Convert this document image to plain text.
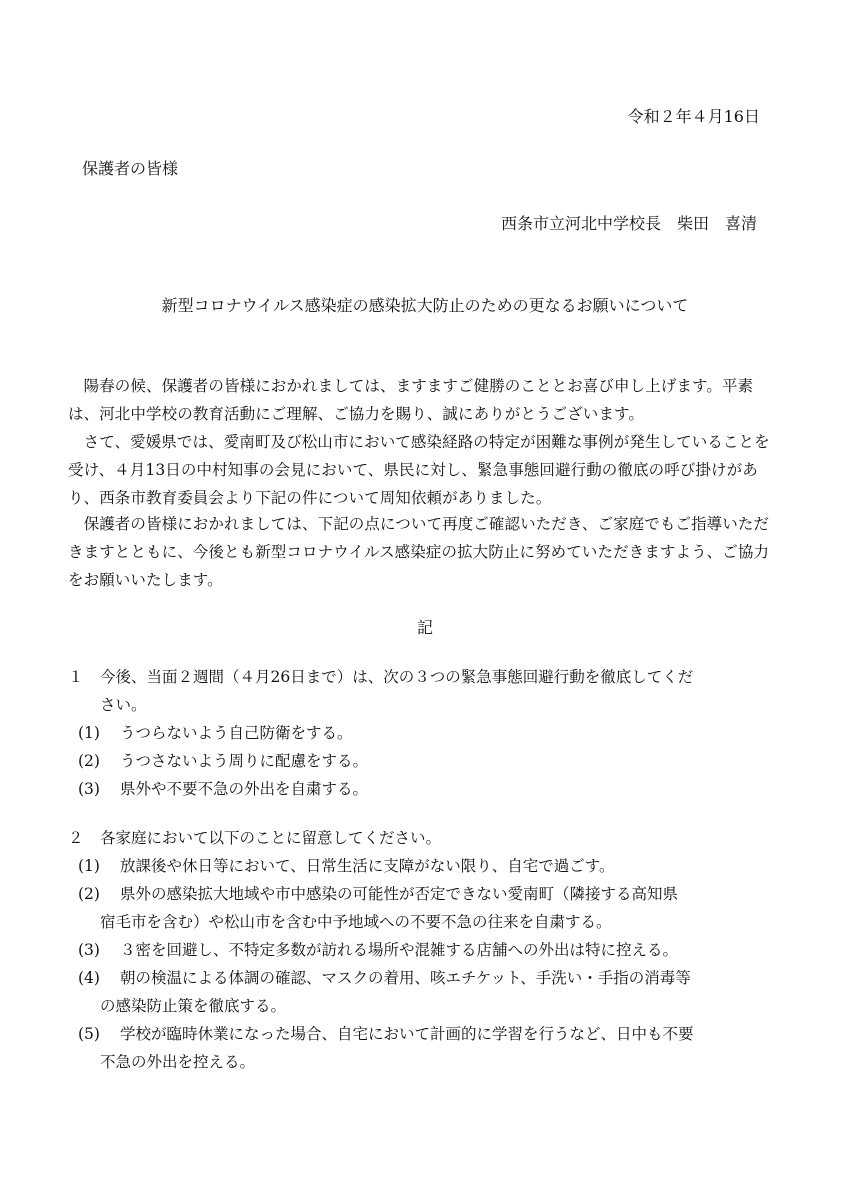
令和２年４月16日

保護者の皆様

西条市立河北中学校長　柴田　喜清

新型コロナウイルス感染症の感染拡大防止のための更なるお願いについて

　陽春の候、保護者の皆様におかれましては、ますますご健勝のこととお喜び申し上げます。平素は、河北中学校の教育活動にご理解、ご協力を賜り、誠にありがとうございます。

　さて、愛媛県では、愛南町及び松山市において感染経路の特定が困難な事例が発生していることを受け、４月13日の中村知事の会見において、県民に対し、緊急事態回避行動の徹底の呼び掛けがあり、西条市教育委員会より下記の件について周知依頼がありました。

　保護者の皆様におかれましては、下記の点について再度ご確認いただき、ご家庭でもご指導いただきますとともに、今後とも新型コロナウイルス感染症の拡大防止に努めていただきますよう、ご協力をお願いいたします。

記

１ 今後、当面２週間（４月26日まで）は、次の３つの緊急事態回避行動を徹底してくだ
さい。
(1) うつらないよう自己防衛をする。
(2) うつさないよう周りに配慮をする。
(3) 県外や不要不急の外出を自粛する。
２ 各家庭において以下のことに留意してください。
(1) 放課後や休日等において、日常生活に支障がない限り、自宅で過ごす。
(2) 県外の感染拡大地域や市中感染の可能性が否定できない愛南町（隣接する高知県
宿毛市を含む）や松山市を含む中予地域への不要不急の往来を自粛する。
(3) ３密を回避し、不特定多数が訪れる場所や混雑する店舗への外出は特に控える。
(4) 朝の検温による体調の確認、マスクの着用、咳エチケット、手洗い・手指の消毒等
の感染防止策を徹底する。
(5) 学校が臨時休業になった場合、自宅において計画的に学習を行うなど、日中も不要
不急の外出を控える。
